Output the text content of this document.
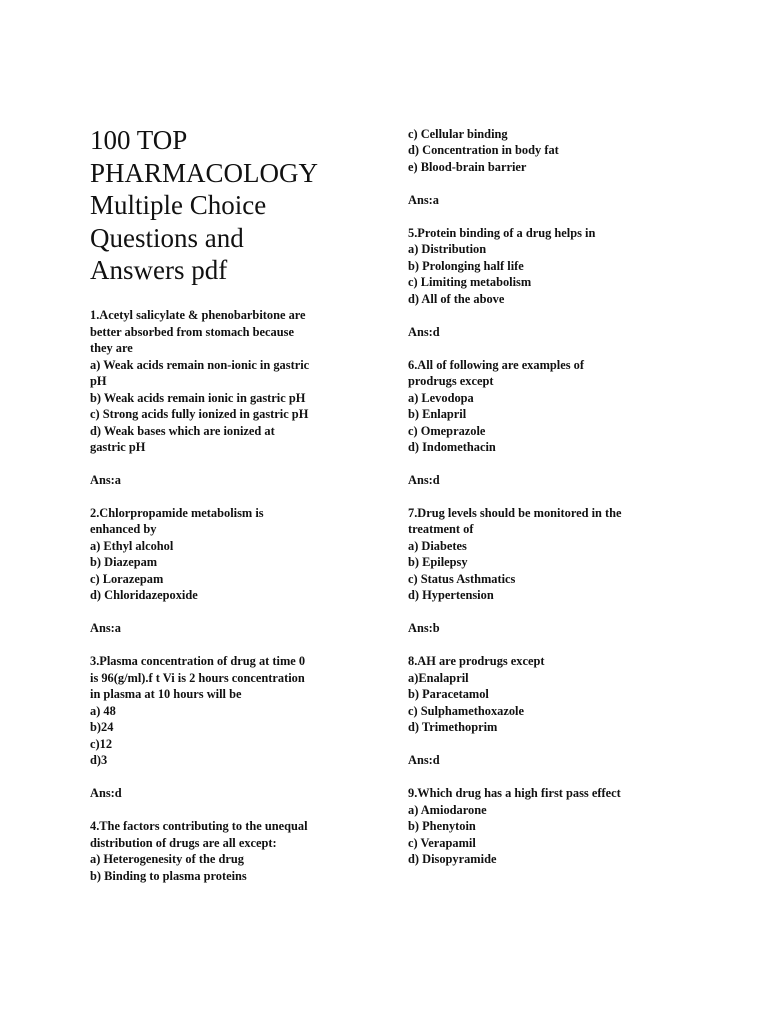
100 TOP
PHARMACOLOGY
Multiple Choice
Questions and
Answers pdf
1.Acetyl salicylate & phenobarbitone are
better absorbed from stomach because
they are
a) Weak acids remain non-ionic in gastric
pH
b) Weak acids remain ionic in gastric pH
c) Strong acids fully ionized in gastric pH
d) Weak bases which are ionized at
gastric pH
Ans:a
2.Chlorpropamide metabolism is
enhanced by
a) Ethyl alcohol
b) Diazepam
c) Lorazepam
d) Chloridazepoxide
Ans:a
3.Plasma concentration of drug at time 0
is 96(g/ml).f t Vi is 2 hours concentration
in plasma at 10 hours will be
a) 48
b)24
c)12
d)3
Ans:d
4.The factors contributing to the unequal
distribution of drugs are all except:
a) Heterogenesity of the drug
b) Binding to plasma proteins
c) Cellular binding
d) Concentration in body fat
e) Blood-brain barrier
Ans:a
5.Protein binding of a drug helps in
a) Distribution
b) Prolonging half life
c) Limiting metabolism
d) All of the above
Ans:d
6.All of following are examples of
prodrugs except
a) Levodopa
b) Enlapril
c) Omeprazole
d) Indomethacin
Ans:d
7.Drug levels should be monitored in the
treatment of
a) Diabetes
b) Epilepsy
c) Status Asthmatics
d) Hypertension
Ans:b
8.AH are prodrugs except
a)Enalapril
b) Paracetamol
c) Sulphamethoxazole
d) Trimethoprim
Ans:d
9.Which drug has a high first pass effect
a) Amiodarone
b) Phenytoin
c) Verapamil
d) Disopyramide
